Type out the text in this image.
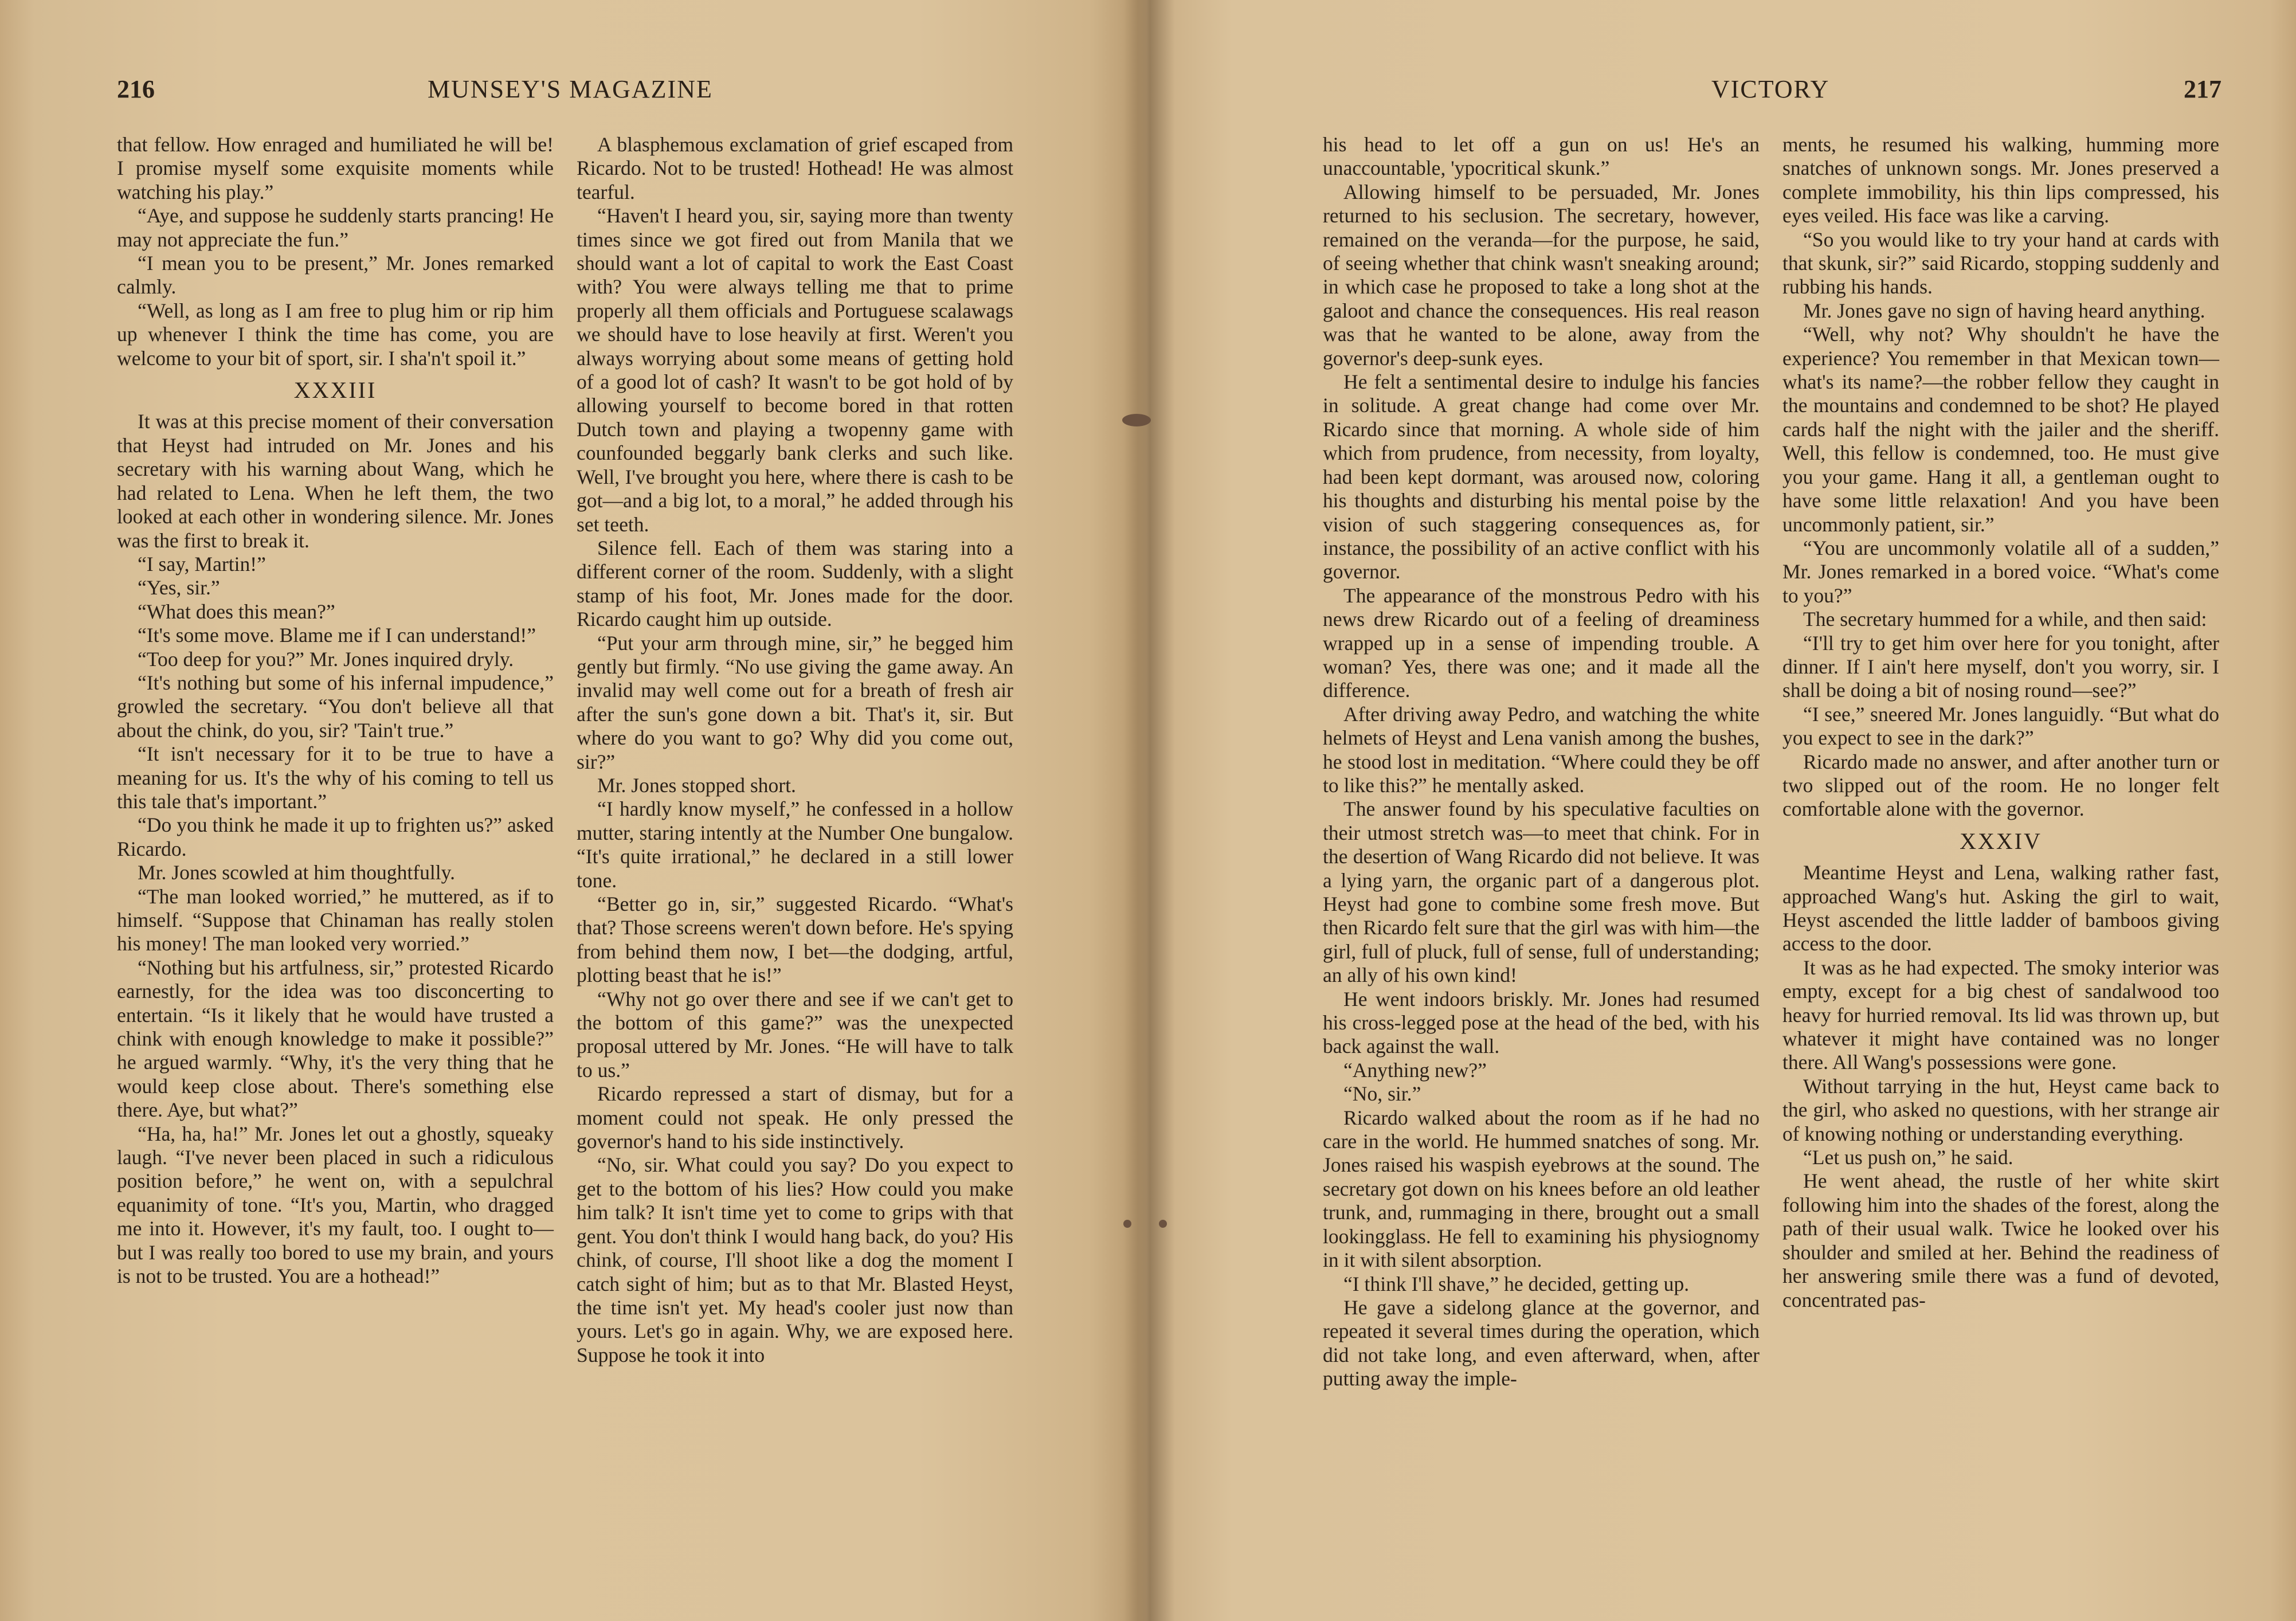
216	MUNSEY'S MAGAZINE

that fellow. How enraged and humiliated he will be! I promise myself some exquisite moments while watching his play.”

“Aye, and suppose he suddenly starts prancing! He may not appreciate the fun.”

“I mean you to be present,” Mr. Jones remarked calmly.

“Well, as long as I am free to plug him or rip him up whenever I think the time has come, you are welcome to your bit of sport, sir. I sha'n't spoil it.”

XXXIII

It was at this precise moment of their conversation that Heyst had intruded on Mr. Jones and his secretary with his warning about Wang, which he had related to Lena. When he left them, the two looked at each other in wondering silence. Mr. Jones was the first to break it.

“I say, Martin!”

“Yes, sir.”

“What does this mean?”

“It's some move. Blame me if I can understand!”

“Too deep for you?” Mr. Jones inquired dryly.

“It's nothing but some of his infernal impudence,” growled the secretary. “You don't believe all that about the chink, do you, sir? 'Tain't true.”

“It isn't necessary for it to be true to have a meaning for us. It's the why of his coming to tell us this tale that's important.”

“Do you think he made it up to frighten us?” asked Ricardo.

Mr. Jones scowled at him thoughtfully.

“The man looked worried,” he muttered, as if to himself. “Suppose that Chinaman has really stolen his money! The man looked very worried.”

“Nothing but his artfulness, sir,” protested Ricardo earnestly, for the idea was too disconcerting to entertain. “Is it likely that he would have trusted a chink with enough knowledge to make it possible?” he argued warmly. “Why, it's the very thing that he would keep close about. There's something else there. Aye, but what?”

“Ha, ha, ha!” Mr. Jones let out a ghostly, squeaky laugh. “I've never been placed in such a ridiculous position before,” he went on, with a sepulchral equanimity of tone. “It's you, Martin, who dragged me into it. However, it's my fault, too. I ought to—but I was really too bored to use my brain, and yours is not to be trusted. You are a hothead!”

A blasphemous exclamation of grief escaped from Ricardo. Not to be trusted! Hothead! He was almost tearful.

“Haven't I heard you, sir, saying more than twenty times since we got fired out from Manila that we should want a lot of capital to work the East Coast with? You were always telling me that to prime properly all them officials and Portuguese scalawags we should have to lose heavily at first. Weren't you always worrying about some means of getting hold of a good lot of cash? It wasn't to be got hold of by allowing yourself to become bored in that rotten Dutch town and playing a twopenny game with counfounded beggarly bank clerks and such like. Well, I've brought you here, where there is cash to be got—and a big lot, to a moral,” he added through his set teeth.

Silence fell. Each of them was staring into a different corner of the room. Suddenly, with a slight stamp of his foot, Mr. Jones made for the door. Ricardo caught him up outside.

“Put your arm through mine, sir,” he begged him gently but firmly. “No use giving the game away. An invalid may well come out for a breath of fresh air after the sun's gone down a bit. That's it, sir. But where do you want to go? Why did you come out, sir?”

Mr. Jones stopped short.

“I hardly know myself,” he confessed in a hollow mutter, staring intently at the Number One bungalow. “It's quite irrational,” he declared in a still lower tone.

“Better go in, sir,” suggested Ricardo. “What's that? Those screens weren't down before. He's spying from behind them now, I bet—the dodging, artful, plotting beast that he is!”

“Why not go over there and see if we can't get to the bottom of this game?” was the unexpected proposal uttered by Mr. Jones. “He will have to talk to us.”

Ricardo repressed a start of dismay, but for a moment could not speak. He only pressed the governor's hand to his side instinctively.

“No, sir. What could you say? Do you expect to get to the bottom of his lies? How could you make him talk? It isn't time yet to come to grips with that gent. You don't think I would hang back, do you? His chink, of course, I'll shoot like a dog the moment I catch sight of him; but as to that Mr. Blasted Heyst, the time isn't yet. My head's cooler just now than yours. Let's go in again. Why, we are exposed here. Suppose he took it into

VICTORY	217

his head to let off a gun on us! He's an unaccountable, 'ypocritical skunk.”

Allowing himself to be persuaded, Mr. Jones returned to his seclusion. The secretary, however, remained on the veranda—for the purpose, he said, of seeing whether that chink wasn't sneaking around; in which case he proposed to take a long shot at the galoot and chance the consequences. His real reason was that he wanted to be alone, away from the governor's deep-sunk eyes.

He felt a sentimental desire to indulge his fancies in solitude. A great change had come over Mr. Ricardo since that morning. A whole side of him which from prudence, from necessity, from loyalty, had been kept dormant, was aroused now, coloring his thoughts and disturbing his mental poise by the vision of such staggering consequences as, for instance, the possibility of an active conflict with his governor.

The appearance of the monstrous Pedro with his news drew Ricardo out of a feeling of dreaminess wrapped up in a sense of impending trouble. A woman? Yes, there was one; and it made all the difference.

After driving away Pedro, and watching the white helmets of Heyst and Lena vanish among the bushes, he stood lost in meditation. “Where could they be off to like this?” he mentally asked.

The answer found by his speculative faculties on their utmost stretch was—to meet that chink. For in the desertion of Wang Ricardo did not believe. It was a lying yarn, the organic part of a dangerous plot. Heyst had gone to combine some fresh move. But then Ricardo felt sure that the girl was with him—the girl, full of pluck, full of sense, full of understanding; an ally of his own kind!

He went indoors briskly. Mr. Jones had resumed his cross-legged pose at the head of the bed, with his back against the wall.

“Anything new?”

“No, sir.”

Ricardo walked about the room as if he had no care in the world. He hummed snatches of song. Mr. Jones raised his waspish eyebrows at the sound. The secretary got down on his knees before an old leather trunk, and, rummaging in there, brought out a small lookingglass. He fell to examining his physiognomy in it with silent absorption.

“I think I'll shave,” he decided, getting up.

He gave a sidelong glance at the governor, and repeated it several times during the operation, which did not take long, and even afterward, when, after putting away the imple-

ments, he resumed his walking, humming more snatches of unknown songs. Mr. Jones preserved a complete immobility, his thin lips compressed, his eyes veiled. His face was like a carving.

“So you would like to try your hand at cards with that skunk, sir?” said Ricardo, stopping suddenly and rubbing his hands.

Mr. Jones gave no sign of having heard anything.

“Well, why not? Why shouldn't he have the experience? You remember in that Mexican town—what's its name?—the robber fellow they caught in the mountains and condemned to be shot? He played cards half the night with the jailer and the sheriff. Well, this fellow is condemned, too. He must give you your game. Hang it all, a gentleman ought to have some little relaxation! And you have been uncommonly patient, sir.”

“You are uncommonly volatile all of a sudden,” Mr. Jones remarked in a bored voice. “What's come to you?”

The secretary hummed for a while, and then said:

“I'll try to get him over here for you tonight, after dinner. If I ain't here myself, don't you worry, sir. I shall be doing a bit of nosing round—see?”

“I see,” sneered Mr. Jones languidly. “But what do you expect to see in the dark?”

Ricardo made no answer, and after another turn or two slipped out of the room. He no longer felt comfortable alone with the governor.

XXXIV

Meantime Heyst and Lena, walking rather fast, approached Wang's hut. Asking the girl to wait, Heyst ascended the little ladder of bamboos giving access to the door.

It was as he had expected. The smoky interior was empty, except for a big chest of sandalwood too heavy for hurried removal. Its lid was thrown up, but whatever it might have contained was no longer there. All Wang's possessions were gone.

Without tarrying in the hut, Heyst came back to the girl, who asked no questions, with her strange air of knowing nothing or understanding everything.

“Let us push on,” he said.

He went ahead, the rustle of her white skirt following him into the shades of the forest, along the path of their usual walk. Twice he looked over his shoulder and smiled at her. Behind the readiness of her answering smile there was a fund of devoted, concentrated pas-
